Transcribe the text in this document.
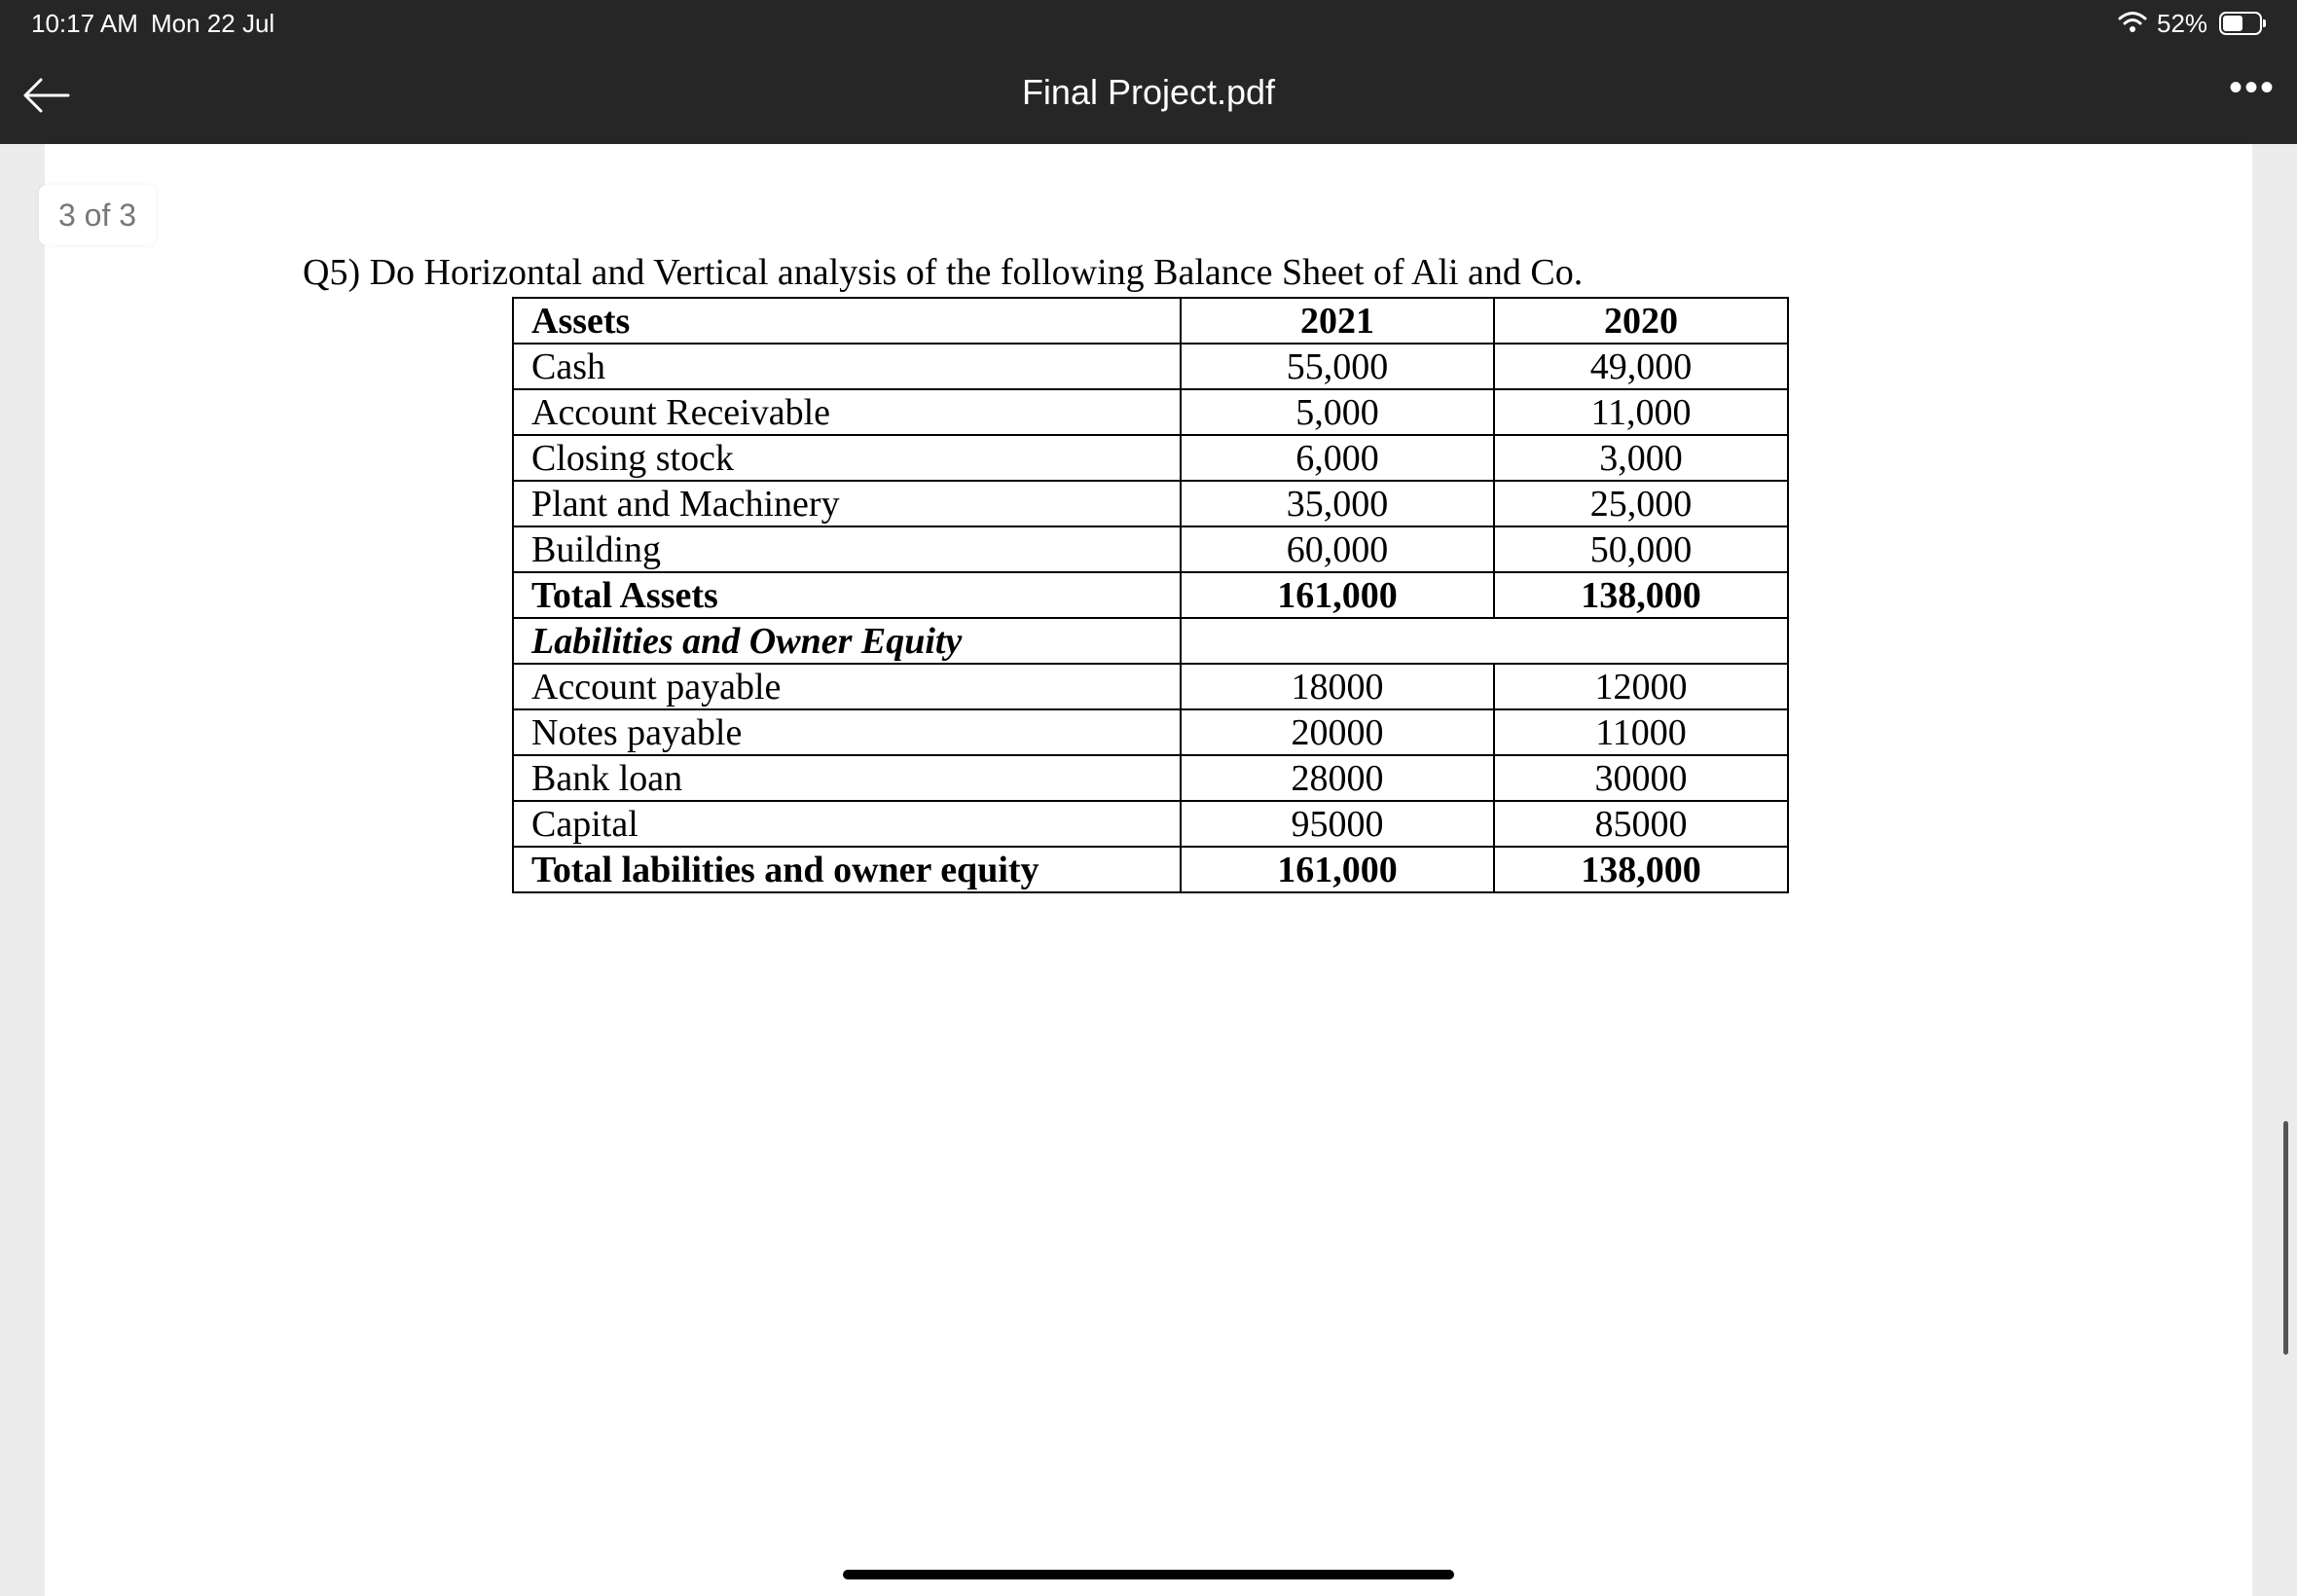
10:17 AM Mon 22 Jul	52%
Final Project.pdf	•••
3 of 3
Q5) Do Horizontal and Vertical analysis of the following Balance Sheet of Ali and Co.
Assets	2021	2020
Cash	55,000	49,000
Account Receivable	5,000	11,000
Closing stock	6,000	3,000
Plant and Machinery	35,000	25,000
Building	60,000	50,000
Total Assets	161,000	138,000
Labilities and Owner Equity		
Account payable	18000	12000
Notes payable	20000	11000
Bank loan	28000	30000
Capital	95000	85000
Total labilities and owner equity	161,000	138,000
